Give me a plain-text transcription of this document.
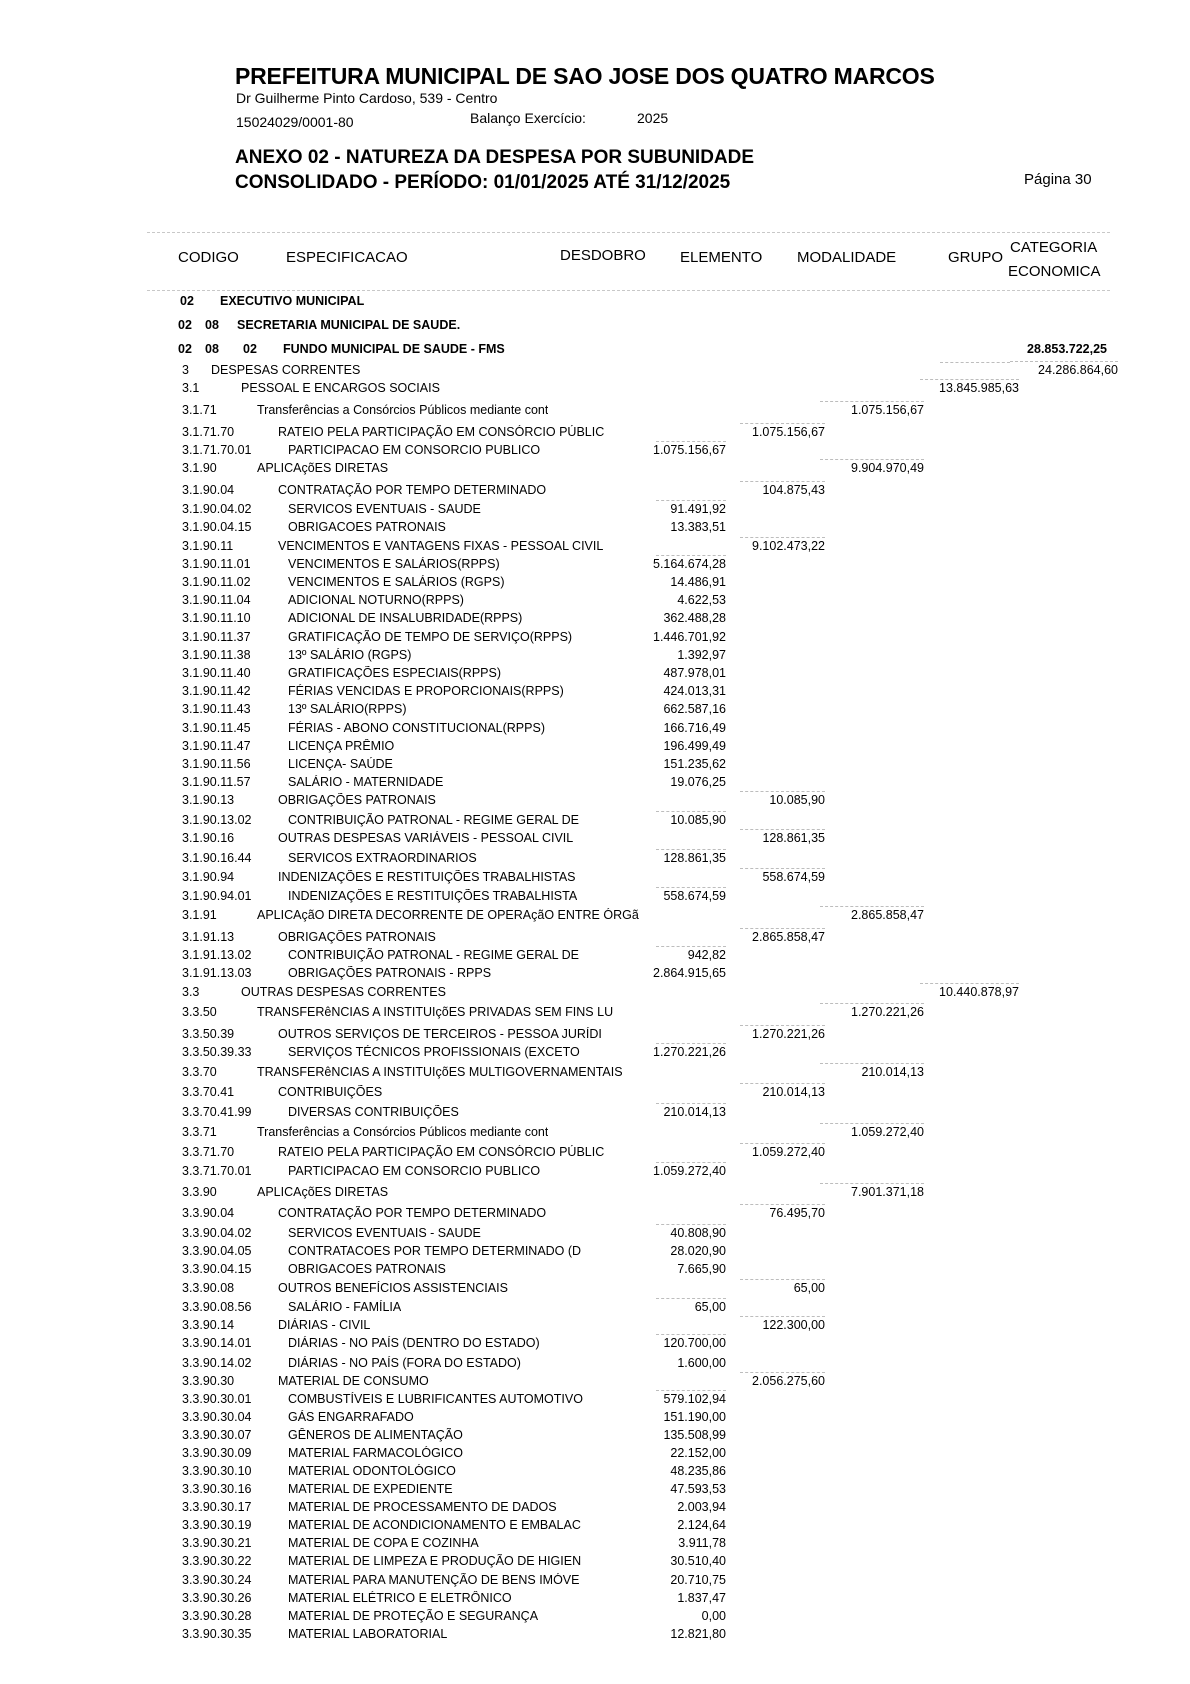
PREFEITURA MUNICIPAL DE SAO JOSE DOS QUATRO MARCOS
Dr Guilherme Pinto Cardoso, 539 - Centro
15024029/0001-80	Balanço Exercício:	2025
ANEXO 02 - NATUREZA DA DESPESA POR SUBUNIDADE
CONSOLIDADO - PERÍODO: 01/01/2025 ATÉ 31/12/2025	Página 30
CODIGO	ESPECIFICACAO	DESDOBRO ELEMENTO MODALIDADE	GRUPO
CATEGORIA
ECONOMICA
02 EXECUTIVO MUNICIPAL
02 08 SECRETARIA MUNICIPAL DE SAUDE.
02 08 02 FUNDO MUNICIPAL DE SAUDE - FMS	28.853.722,25
3 DESPESAS CORRENTES	24.286.864,60
3.1	PESSOAL E ENCARGOS SOCIAIS	13.845.985,63
3.1.71	Transferências a Consórcios Públicos mediante cont	1.075.156,67
3.1.71.70	RATEIO PELA PARTICIPAÇÃO EM CONSÓRCIO PÚBLIC	1.075.156,67
3.1.71.70.01	PARTICIPACAO EM CONSORCIO PUBLICO	1.075.156,67
3.1.90	APLICAçõES DIRETAS	9.904.970,49
3.1.90.04	CONTRATAÇÃO POR TEMPO DETERMINADO	104.875,43
3.1.90.04.02	SERVICOS EVENTUAIS - SAUDE	91.491,92
3.1.90.04.15	OBRIGACOES PATRONAIS	13.383,51
3.1.90.11	VENCIMENTOS E VANTAGENS FIXAS - PESSOAL CIVIL	9.102.473,22
3.1.90.11.01	VENCIMENTOS E SALÁRIOS(RPPS)	5.164.674,28
3.1.90.11.02	VENCIMENTOS E SALÁRIOS (RGPS)	14.486,91
3.1.90.11.04	ADICIONAL NOTURNO(RPPS)	4.622,53
3.1.90.11.10	ADICIONAL DE INSALUBRIDADE(RPPS)	362.488,28
3.1.90.11.37	GRATIFICAÇÃO DE TEMPO DE SERVIÇO(RPPS)	1.446.701,92
3.1.90.11.38	13º SALÁRIO (RGPS)	1.392,97
3.1.90.11.40	GRATIFICAÇÕES ESPECIAIS(RPPS)	487.978,01
3.1.90.11.42	FÉRIAS VENCIDAS E PROPORCIONAIS(RPPS)	424.013,31
3.1.90.11.43	13º SALÁRIO(RPPS)	662.587,16
3.1.90.11.45	FÉRIAS - ABONO CONSTITUCIONAL(RPPS)	166.716,49
3.1.90.11.47	LICENÇA PRÊMIO	196.499,49
3.1.90.11.56	LICENÇA- SAÚDE	151.235,62
3.1.90.11.57	SALÁRIO - MATERNIDADE	19.076,25
3.1.90.13	OBRIGAÇÕES PATRONAIS	10.085,90
3.1.90.13.02	CONTRIBUIÇÃO PATRONAL - REGIME GERAL DE	10.085,90
3.1.90.16	OUTRAS DESPESAS VARIÁVEIS - PESSOAL CIVIL	128.861,35
3.1.90.16.44	SERVICOS EXTRAORDINARIOS	128.861,35
3.1.90.94	INDENIZAÇÕES E RESTITUIÇÕES TRABALHISTAS	558.674,59
3.1.90.94.01	INDENIZAÇÕES E RESTITUIÇÕES TRABALHISTA	558.674,59
3.1.91	APLICAçãO DIRETA DECORRENTE DE OPERAçãO ENTRE ÓRGã	2.865.858,47
3.1.91.13	OBRIGAÇÕES PATRONAIS	2.865.858,47
3.1.91.13.02	CONTRIBUIÇÃO PATRONAL - REGIME GERAL DE	942,82
3.1.91.13.03	OBRIGAÇÕES PATRONAIS - RPPS	2.864.915,65
3.3	OUTRAS DESPESAS CORRENTES	10.440.878,97
3.3.50	TRANSFERêNCIAS A INSTITUIçõES PRIVADAS SEM FINS LU	1.270.221,26
3.3.50.39	OUTROS SERVIÇOS DE TERCEIROS - PESSOA JURÍDI	1.270.221,26
3.3.50.39.33	SERVIÇOS TÉCNICOS PROFISSIONAIS (EXCETO	1.270.221,26
3.3.70	TRANSFERêNCIAS A INSTITUIçõES MULTIGOVERNAMENTAIS	210.014,13
3.3.70.41	CONTRIBUIÇÕES	210.014,13
3.3.70.41.99	DIVERSAS CONTRIBUIÇÕES	210.014,13
3.3.71	Transferências a Consórcios Públicos mediante cont	1.059.272,40
3.3.71.70	RATEIO PELA PARTICIPAÇÃO EM CONSÓRCIO PÚBLIC	1.059.272,40
3.3.71.70.01	PARTICIPACAO EM CONSORCIO PUBLICO	1.059.272,40
3.3.90	APLICAçõES DIRETAS	7.901.371,18
3.3.90.04	CONTRATAÇÃO POR TEMPO DETERMINADO	76.495,70
3.3.90.04.02	SERVICOS EVENTUAIS - SAUDE	40.808,90
3.3.90.04.05	CONTRATACOES POR TEMPO DETERMINADO (D	28.020,90
3.3.90.04.15	OBRIGACOES PATRONAIS	7.665,90
3.3.90.08	OUTROS BENEFÍCIOS ASSISTENCIAIS	65,00
3.3.90.08.56	SALÁRIO - FAMÍLIA	65,00
3.3.90.14	DIÁRIAS - CIVIL	122.300,00
3.3.90.14.01	DIÁRIAS - NO PAÍS (DENTRO DO ESTADO)	120.700,00
3.3.90.14.02	DIÁRIAS - NO PAÍS (FORA DO ESTADO)	1.600,00
3.3.90.30	MATERIAL DE CONSUMO	2.056.275,60
3.3.90.30.01	COMBUSTÍVEIS E LUBRIFICANTES AUTOMOTIVO	579.102,94
3.3.90.30.04	GÁS ENGARRAFADO	151.190,00
3.3.90.30.07	GÊNEROS DE ALIMENTAÇÃO	135.508,99
3.3.90.30.09	MATERIAL FARMACOLÓGICO	22.152,00
3.3.90.30.10	MATERIAL ODONTOLÓGICO	48.235,86
3.3.90.30.16	MATERIAL DE EXPEDIENTE	47.593,53
3.3.90.30.17	MATERIAL DE PROCESSAMENTO DE DADOS	2.003,94
3.3.90.30.19	MATERIAL DE ACONDICIONAMENTO E EMBALAC	2.124,64
3.3.90.30.21	MATERIAL DE COPA E COZINHA	3.911,78
3.3.90.30.22	MATERIAL DE LIMPEZA E PRODUÇÃO DE HIGIEN	30.510,40
3.3.90.30.24	MATERIAL PARA MANUTENÇÃO DE BENS IMÓVE	20.710,75
3.3.90.30.26	MATERIAL ELÉTRICO E ELETRÔNICO	1.837,47
3.3.90.30.28	MATERIAL DE PROTEÇÃO E SEGURANÇA	0,00
3.3.90.30.35	MATERIAL LABORATORIAL	12.821,80
